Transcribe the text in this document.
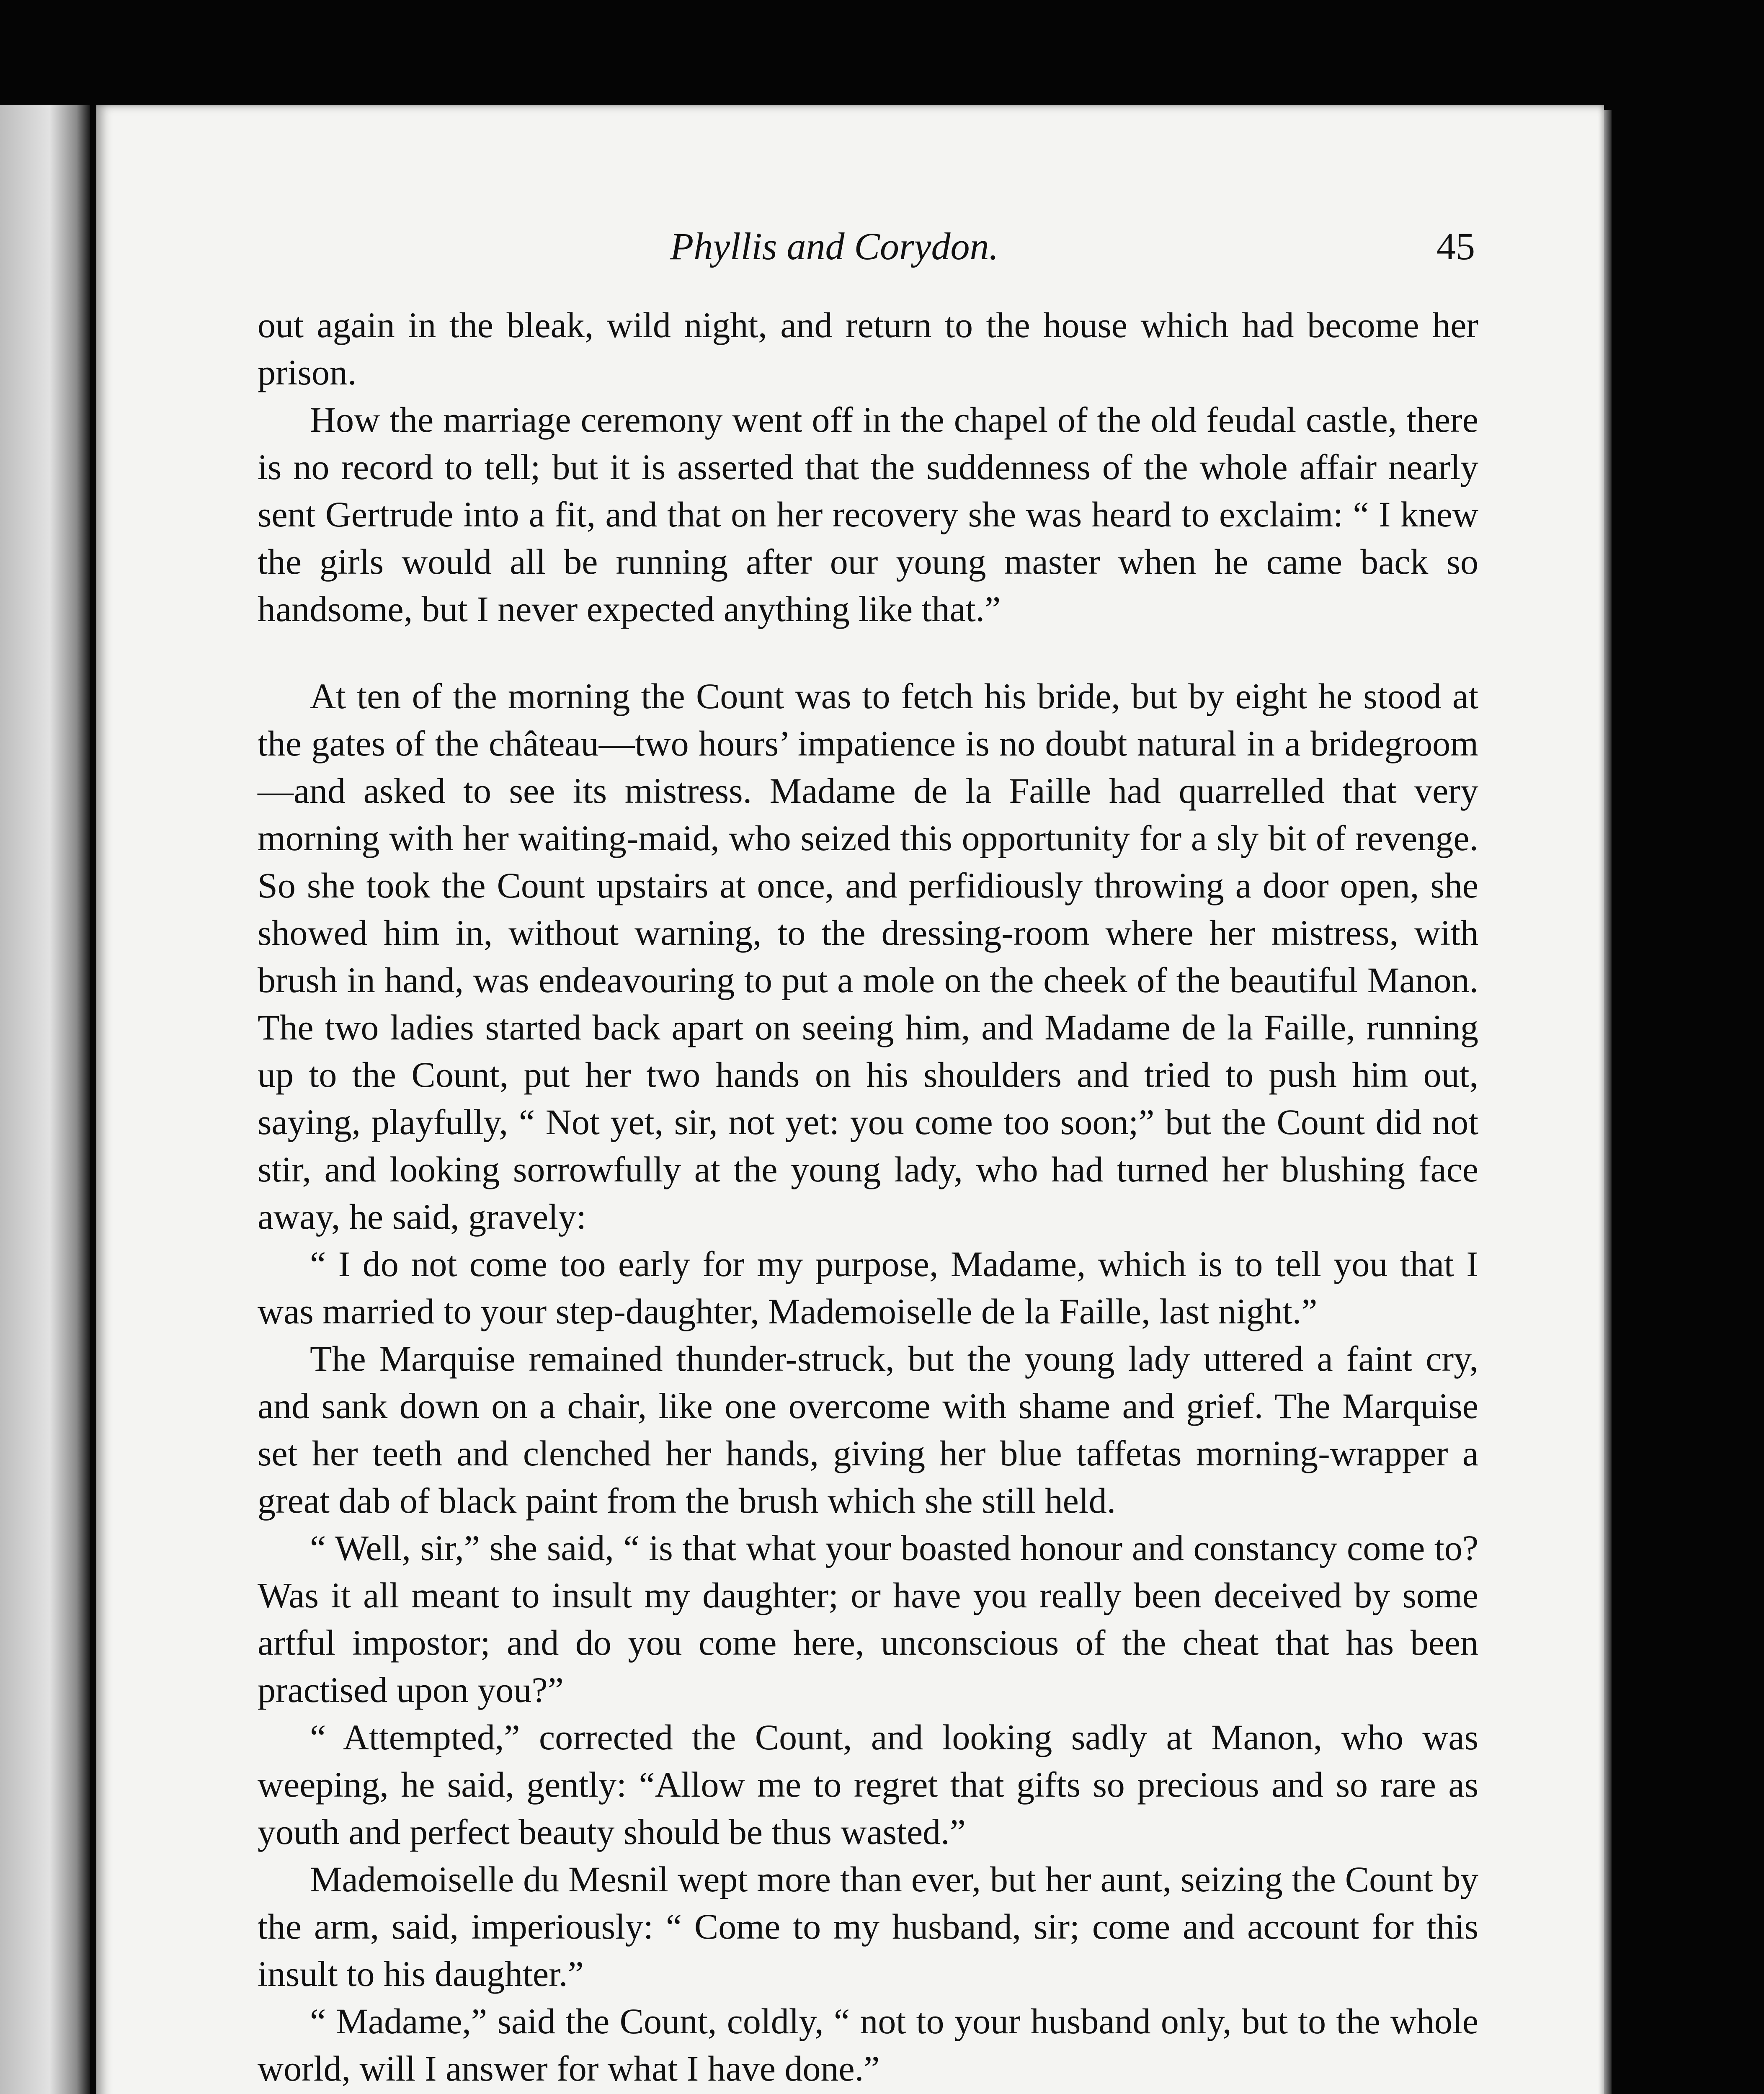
Phyllis and Corydon.	45

out again in the bleak, wild night, and return to the house which had become her prison.

How the marriage ceremony went off in the chapel of the old feudal castle, there is no record to tell; but it is asserted that the suddenness of the whole affair nearly sent Gertrude into a fit, and that on her recovery she was heard to exclaim: “ I knew the girls would all be running after our young master when he came back so handsome, but I never expected anything like that.”

At ten of the morning the Count was to fetch his bride, but by eight he stood at the gates of the château—two hours’ impatience is no doubt natural in a bridegroom—and asked to see its mistress. Madame de la Faille had quarrelled that very morning with her waiting-maid, who seized this opportunity for a sly bit of revenge. So she took the Count upstairs at once, and perfidiously throwing a door open, she showed him in, without warning, to the dressing-room where her mistress, with brush in hand, was endeavouring to put a mole on the cheek of the beautiful Manon. The two ladies started back apart on seeing him, and Madame de la Faille, running up to the Count, put her two hands on his shoulders and tried to push him out, saying, playfully, “ Not yet, sir, not yet: you come too soon;” but the Count did not stir, and looking sorrowfully at the young lady, who had turned her blushing face away, he said, gravely:

“ I do not come too early for my purpose, Madame, which is to tell you that I was married to your step-daughter, Mademoiselle de la Faille, last night.”

The Marquise remained thunder-struck, but the young lady uttered a faint cry, and sank down on a chair, like one overcome with shame and grief. The Marquise set her teeth and clenched her hands, giving her blue taffetas morning-wrapper a great dab of black paint from the brush which she still held.

“ Well, sir,” she said, “ is that what your boasted honour and constancy come to? Was it all meant to insult my daughter; or have you really been deceived by some artful impostor; and do you come here, unconscious of the cheat that has been practised upon you?”

“ Attempted,” corrected the Count, and looking sadly at Manon, who was weeping, he said, gently: “Allow me to regret that gifts so precious and so rare as youth and perfect beauty should be thus wasted.”

Mademoiselle du Mesnil wept more than ever, but her aunt, seizing the Count by the arm, said, imperiously: “ Come to my husband, sir; come and account for this insult to his daughter.”

“ Madame,” said the Count, coldly, “ not to your husband only, but to the whole world, will I answer for what I have done.”
